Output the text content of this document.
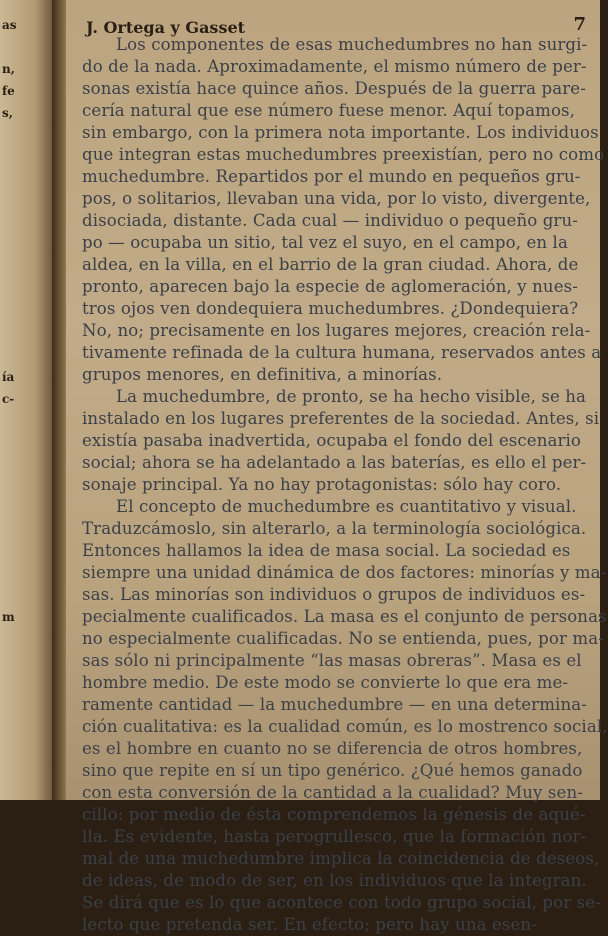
as
n,
fe
s,
ía
c-
m
J. Ortega y Gasset	7
Los componentes de esas muchedumbres no han surgi-
do de la nada. Aproximadamente, el mismo número de per-
sonas existía hace quince años. Después de la guerra pare-
cería natural que ese número fuese menor. Aquí topamos,
sin embargo, con la primera nota importante. Los individuos
que integran estas muchedumbres preexistían, pero no como
muchedumbre. Repartidos por el mundo en pequeños gru-
pos, o solitarios, llevaban una vida, por lo visto, divergente,
disociada, distante. Cada cual — individuo o pequeño gru-
po — ocupaba un sitio, tal vez el suyo, en el campo, en la
aldea, en la villa, en el barrio de la gran ciudad. Ahora, de
pronto, aparecen bajo la especie de aglomeración, y nues-
tros ojos ven dondequiera muchedumbres. ¿Dondequiera?
No, no; precisamente en los lugares mejores, creación rela-
tivamente refinada de la cultura humana, reservados antes a
grupos menores, en definitiva, a minorías.
La muchedumbre, de pronto, se ha hecho visible, se ha
instalado en los lugares preferentes de la sociedad. Antes, si
existía pasaba inadvertida, ocupaba el fondo del escenario
social; ahora se ha adelantado a las baterías, es ello el per-
sonaje principal. Ya no hay protagonistas: sólo hay coro.
El concepto de muchedumbre es cuantitativo y visual.
Traduzcámoslo, sin alterarlo, a la terminología sociológica.
Entonces hallamos la idea de masa social. La sociedad es
siempre una unidad dinámica de dos factores: minorías y ma-
sas. Las minorías son individuos o grupos de individuos es-
pecialmente cualificados. La masa es el conjunto de personas
no especialmente cualificadas. No se entienda, pues, por ma-
sas sólo ni principalmente “las masas obreras”. Masa es el
hombre medio. De este modo se convierte lo que era me-
ramente cantidad — la muchedumbre — en una determina-
ción cualitativa: es la cualidad común, es lo mostrenco social,
es el hombre en cuanto no se diferencia de otros hombres,
sino que repite en sí un tipo genérico. ¿Qué hemos ganado
con esta conversión de la cantidad a la cualidad? Muy sen-
cillo: por medio de ésta comprendemos la génesis de aqué-
lla. Es evidente, hasta perogrullesco, que la formación nor-
mal de una muchedumbre implica la coincidencia de deseos,
de ideas, de modo de ser, en los individuos que la integran.
Se dirá que es lo que acontece con todo grupo social, por se-
lecto que pretenda ser. En efecto; pero hay una esen-
